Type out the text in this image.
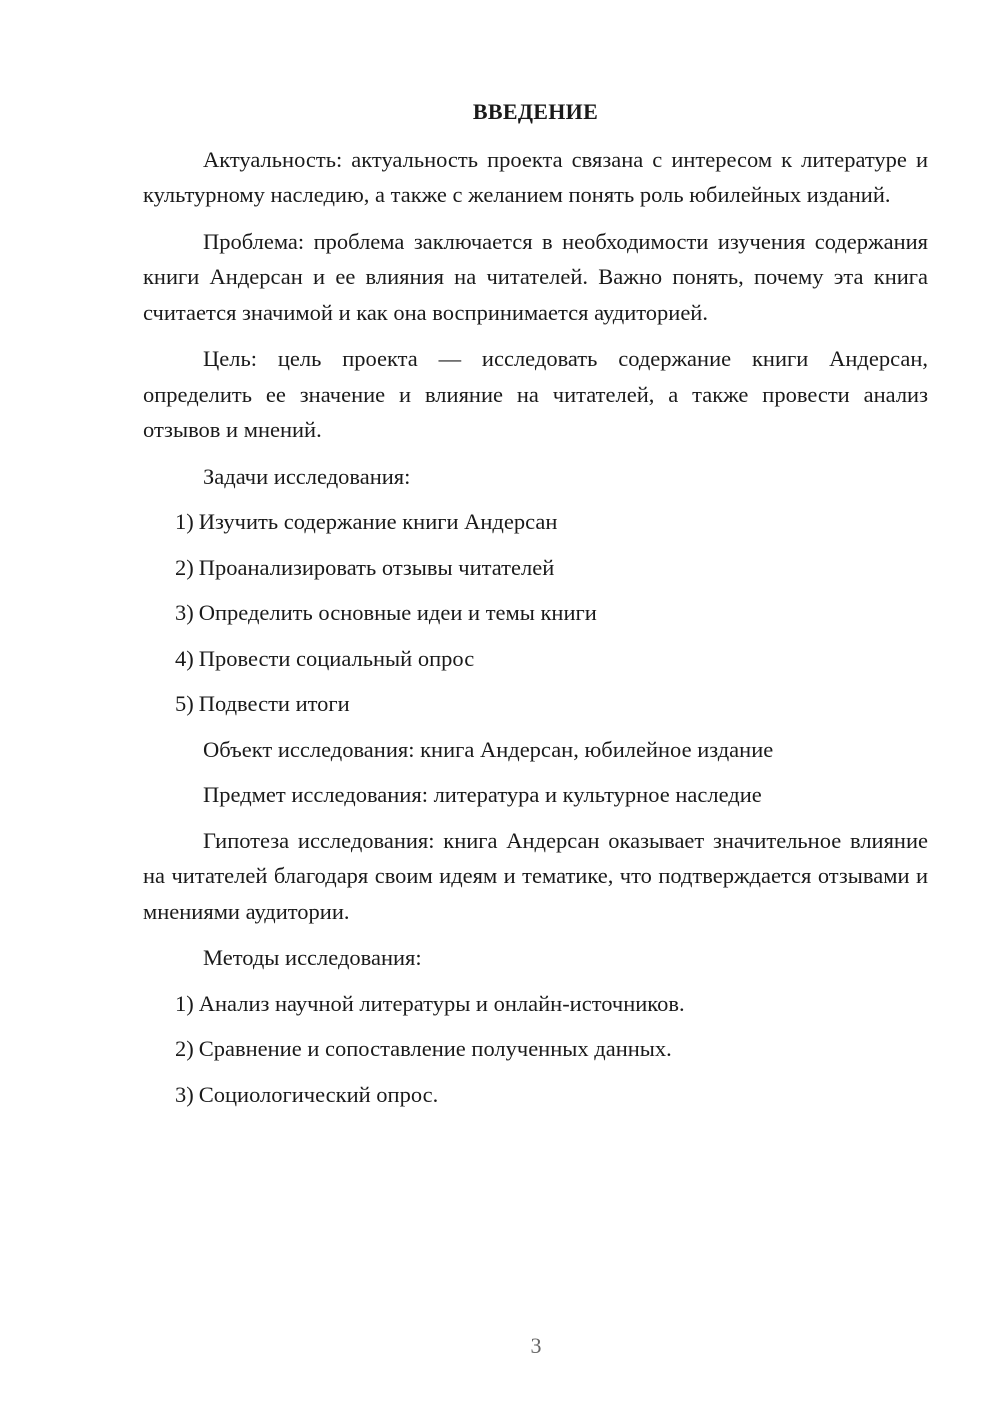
ВВЕДЕНИЕ

Актуальность: актуальность проекта связана с интересом к литературе и культурному наследию, а также с желанием понять роль юбилейных изданий.

Проблема: проблема заключается в необходимости изучения содержания книги Андерсан и ее влияния на читателей. Важно понять, почему эта книга считается значимой и как она воспринимается аудиторией.

Цель: цель проекта — исследовать содержание книги Андерсан, определить ее значение и влияние на читателей, а также провести анализ отзывов и мнений.

Задачи исследования:

1) Изучить содержание книги Андерсан

2) Проанализировать отзывы читателей

3) Определить основные идеи и темы книги

4) Провести социальный опрос

5) Подвести итоги

Объект исследования: книга Андерсан, юбилейное издание

Предмет исследования: литература и культурное наследие

Гипотеза исследования: книга Андерсан оказывает значительное влияние на читателей благодаря своим идеям и тематике, что подтверждается отзывами и мнениями аудитории.

Методы исследования:

1) Анализ научной литературы и онлайн-источников.

2) Сравнение и сопоставление полученных данных.

3) Социологический опрос.

3
